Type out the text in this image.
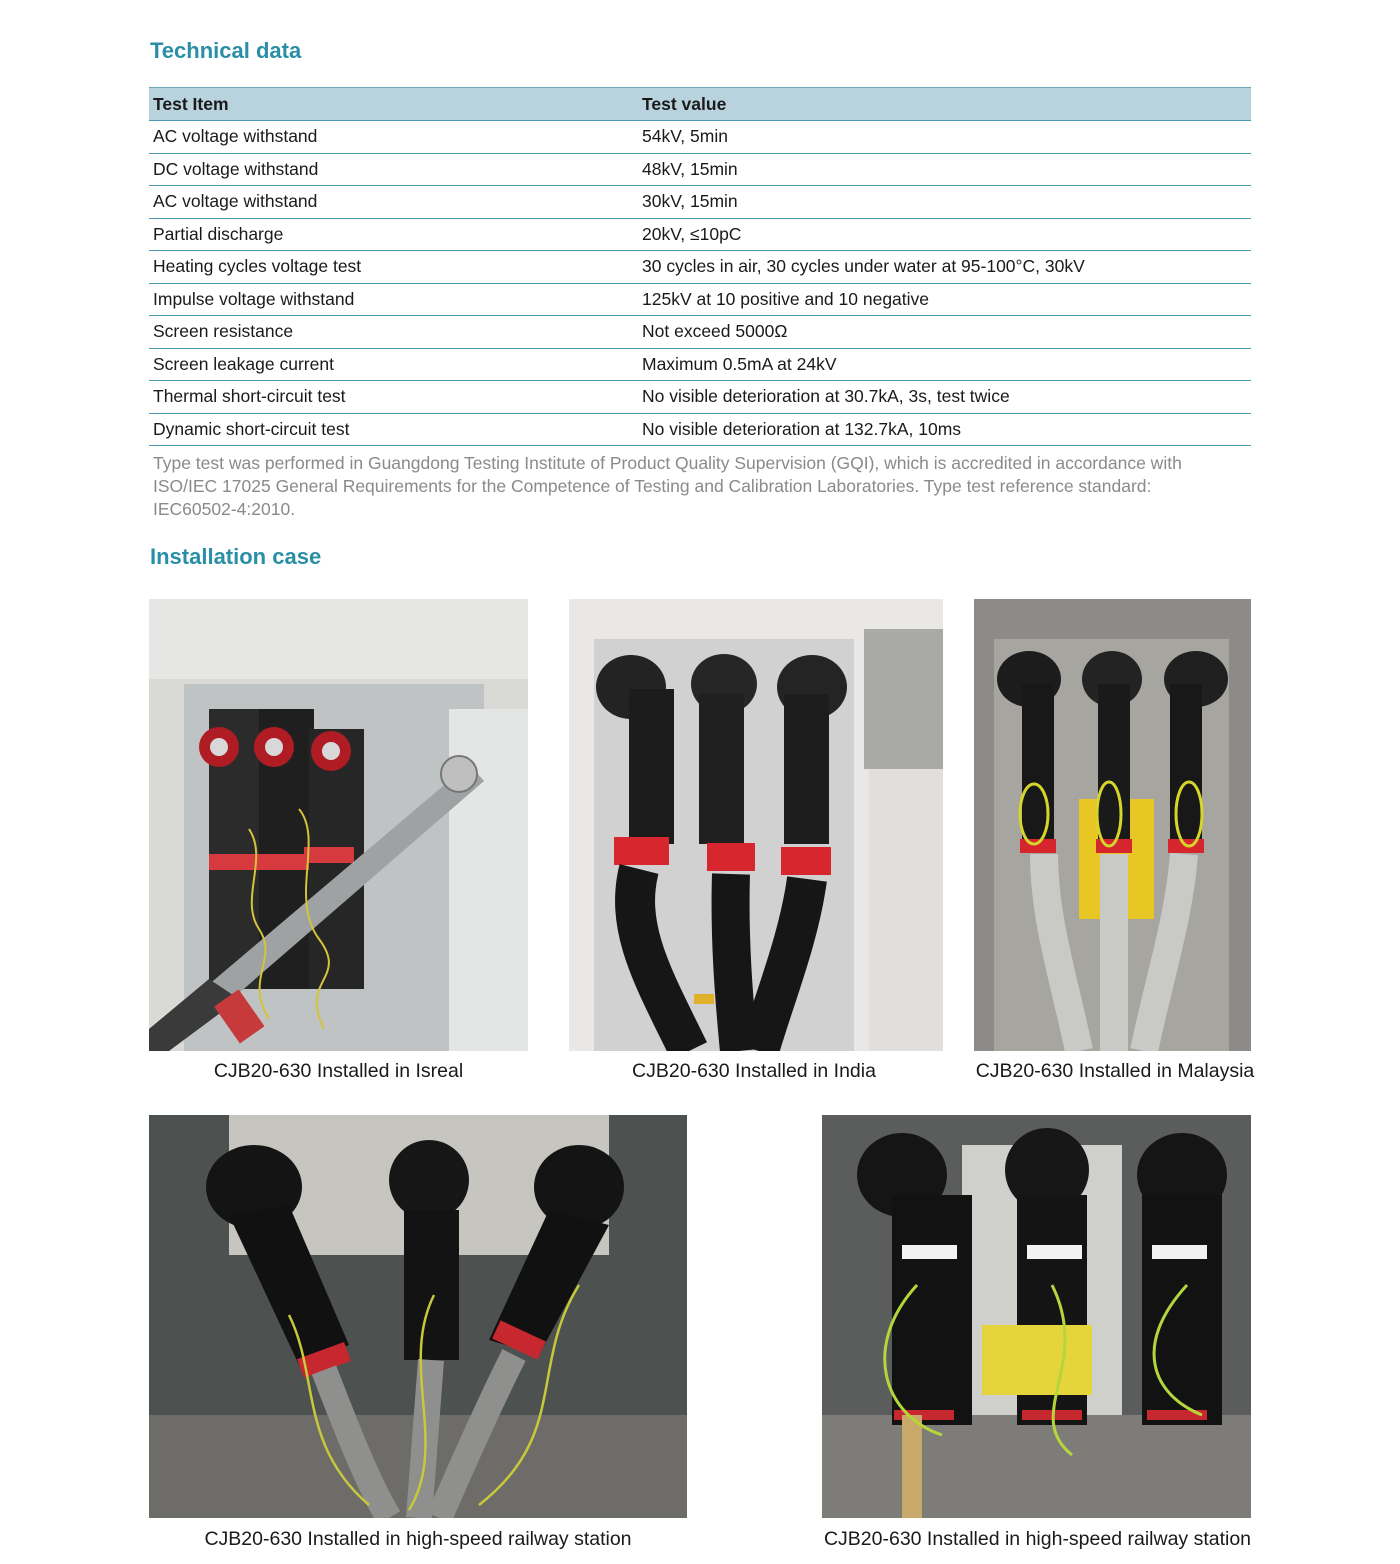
Technical data
Test Item	Test value
AC voltage withstand	54kV, 5min
DC voltage withstand	48kV, 15min
AC voltage withstand	30kV, 15min
Partial discharge	20kV, ≤10pC
Heating cycles voltage test	30 cycles in air, 30 cycles under water at 95-100°C, 30kV
Impulse voltage withstand	125kV at 10 positive and 10 negative
Screen resistance	Not exceed 5000Ω
Screen leakage current	Maximum 0.5mA at 24kV
Thermal short-circuit test	No visible deterioration at 30.7kA, 3s, test twice
Dynamic short-circuit test	No visible deterioration at 132.7kA, 10ms
Type test was performed in Guangdong Testing Institute of Product Quality Supervision (GQI), which is accredited in accordance with ISO/IEC 17025 General Requirements for the Competence of Testing and Calibration Laboratories. Type test reference standard: IEC60502-4:2010.
Installation case
CJB20-630 Installed in Isreal	CJB20-630 Installed in India	CJB20-630 Installed in Malaysia
CJB20-630 Installed in high-speed railway station	CJB20-630 Installed in high-speed railway station
